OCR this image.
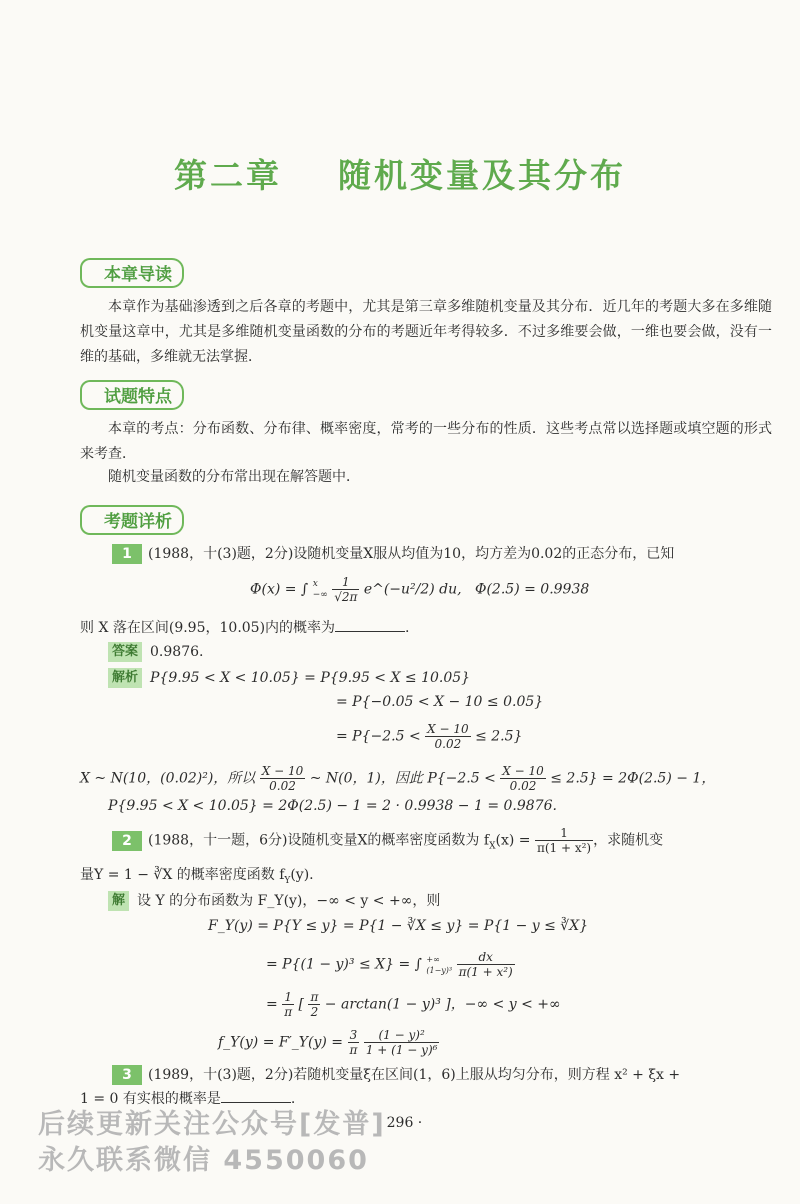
第二章 随机变量及其分布
本章导读
本章作为基础渗透到之后各章的考题中，尤其是第三章多维随机变量及其分布．近几年的考题大多在多维随机变量这章中，尤其是多维随机变量函数的分布的考题近年考得较多．不过多维要会做，一维也要会做，没有一维的基础，多维就无法掌握．
试题特点
本章的考点：分布函数、分布律、概率密度，常考的一些分布的性质．这些考点常以选择题或填空题的形式来考查．
随机变量函数的分布常出现在解答题中．
考题详析
1 (1988，十(3)题，2分)设随机变量X服从均值为10，均方差为0.02的正态分布，已知
Φ(x) = ∫ x
−∞
$\frac{1}{√2\pi}$ e^(−u²/2) du, Φ(2.5) = 0.9938
则 X 落在区间(9.95，10.05)内的概率为	.
答案 0.9876.
解析 P{9.95 < X < 10.05} = P{9.95 < X ≤ 10.05}
= P{−0.05 < X − 10 ≤ 0.05}
= $P\{-2.5 < \frac{X - 10}{0.02} \le 2.5\}$
X ~ N(10，(0.02)²)，所以 $\frac{X - 10}{0.02}$ ~ N(0，1)，因此 $P\{-2.5 < \frac{X - 10}{0.02} \le 2.5\} = 2\Phi(2.5) - 1$，
P{9.95 < X < 10.05} = 2Φ(2.5) − 1 = 2 · 0.9938 − 1 = 0.9876.
2 (1988，十一题，6分)设随机变量X的概率密度函数为 $f_X(x) = \frac{1}{\text{π(1 + x²)}}$ ，求随机变
量Y = 1 − ∛X 的概率密度函数 $f_Y(y)$.
解 设 Y 的分布函数为 F_Y(y)，−∞ < y < +∞，则
F_Y(y) = P{Y ≤ y} = P{1 − ∛X ≤ y} = P{1 − y ≤ ∛X}
= P{(1 − y)³ ≤ X} = ∫ +∞
(1−y)³
$\frac{dx}{\text{π(1 + x²)}}$
= $\frac{1}{\pi}$ [ $\frac{\pi}{2} - \arctan(1 - y)^3$ ]，−∞ < y < +∞
f_Y(y) = F′_Y(y) = $\frac{3}{\pi}$
$\frac{\text{(1 − y)²}}{\text{1 + (1 − y)⁶}}$
3 (1989，十(3)题，2分)若随机变量ξ在区间(1，6)上服从均匀分布，则方程 x² + ξx +
1 = 0 有实根的概率是	.
· 296 ·
后续更新关注公众号[发普]
永久联系微信 4550060
